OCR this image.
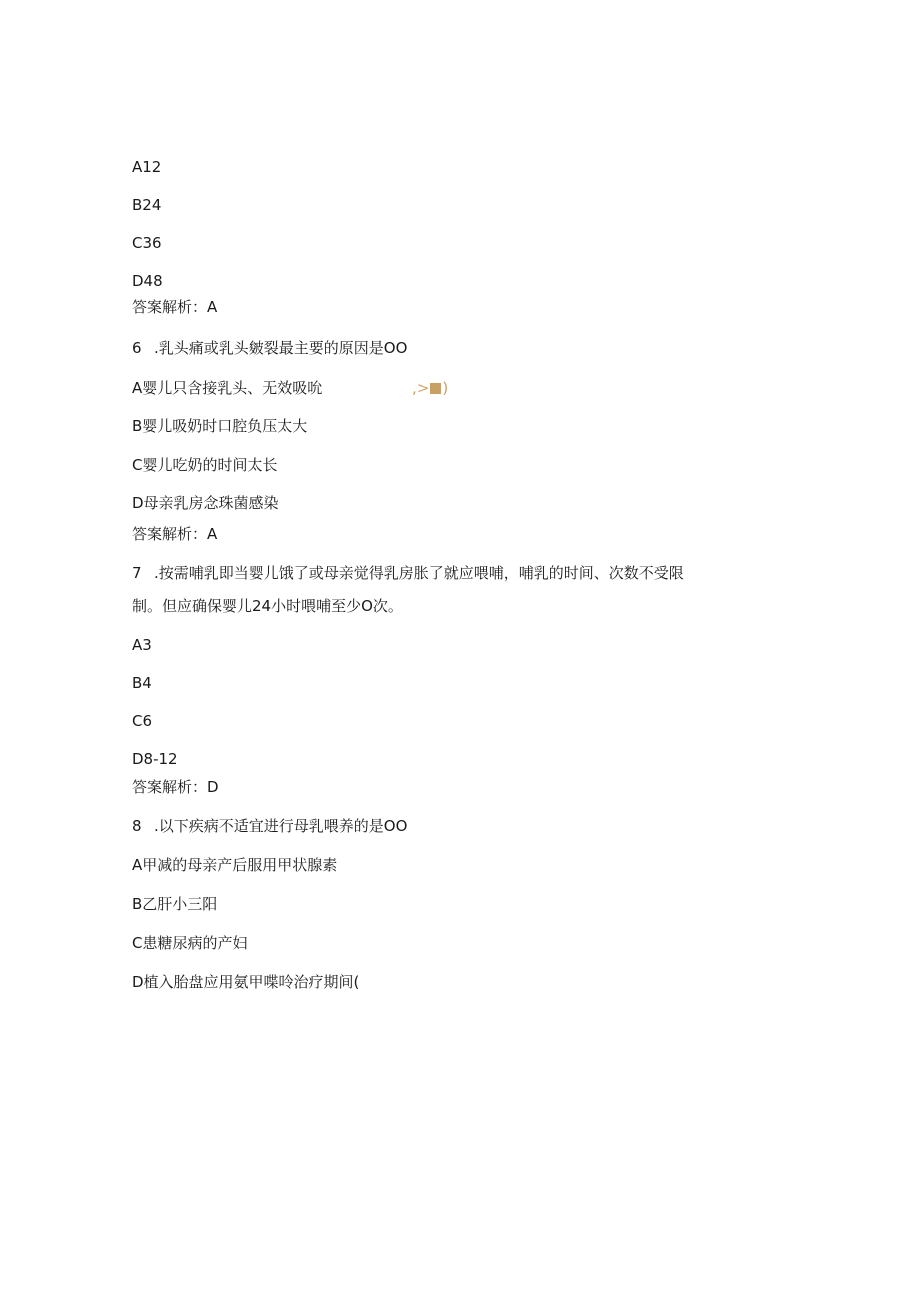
A12
B24
C36
D48
答案解析：A
6 .乳头痛或乳头皴裂最主要的原因是OO
A婴儿只含接乳头、无效吸吮	,> )
B婴儿吸奶时口腔负压太大
C婴儿吃奶的时间太长
D母亲乳房念珠菌感染
答案解析：A
7 .按需哺乳即当婴儿饿了或母亲觉得乳房胀了就应喂哺，哺乳的时间、次数不受限
制。但应确保婴儿24小时喂哺至少O次。
A3
B4
C6
D8-12
答案解析：D
8 .以下疾病不适宜进行母乳喂养的是OO
A甲减的母亲产后服用甲状腺素
B乙肝小三阳
C患糖尿病的产妇
D植入胎盘应用氨甲喋呤治疗期间(
